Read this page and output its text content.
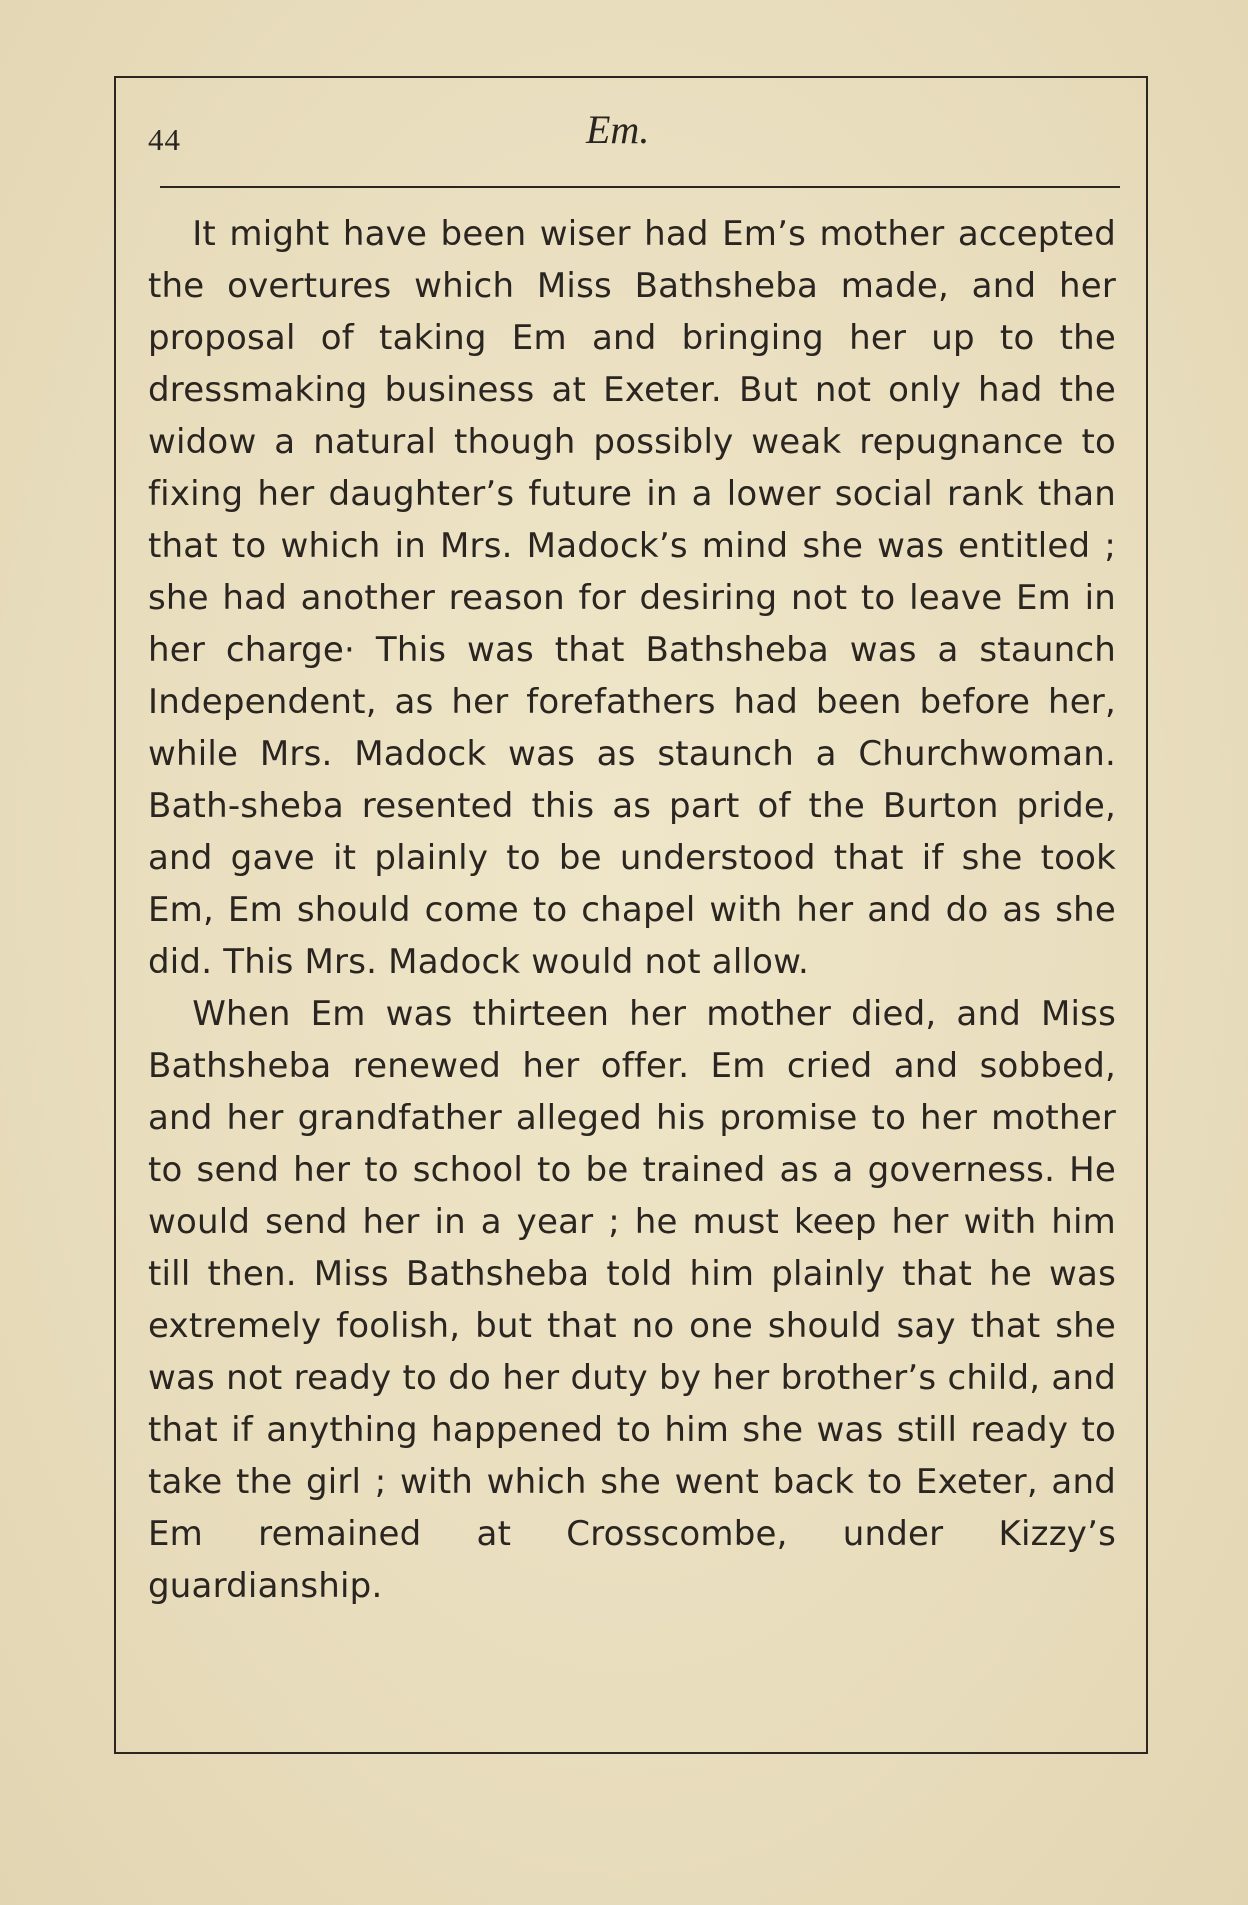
44	Em.

It might have been wiser had Em’s mother accepted the overtures which Miss Bathsheba made, and her proposal of taking Em and bringing her up to the dressmaking business at Exeter. But not only had the widow a natural though possibly weak repugnance to fixing her daughter’s future in a lower social rank than that to which in Mrs. Madock’s mind she was entitled ; she had another reason for desiring not to leave Em in her charge· This was that Bathsheba was a staunch Independent, as her forefathers had been before her, while Mrs. Madock was as staunch a Churchwoman. Bath-sheba resented this as part of the Burton pride, and gave it plainly to be understood that if she took Em, Em should come to chapel with her and do as she did. This Mrs. Madock would not allow.

When Em was thirteen her mother died, and Miss Bathsheba renewed her offer. Em cried and sobbed, and her grandfather alleged his promise to her mother to send her to school to be trained as a governess. He would send her in a year ; he must keep her with him till then. Miss Bathsheba told him plainly that he was extremely foolish, but that no one should say that she was not ready to do her duty by her brother’s child, and that if anything happened to him she was still ready to take the girl ; with which she went back to Exeter, and Em remained at Crosscombe, under Kizzy’s guardianship.
